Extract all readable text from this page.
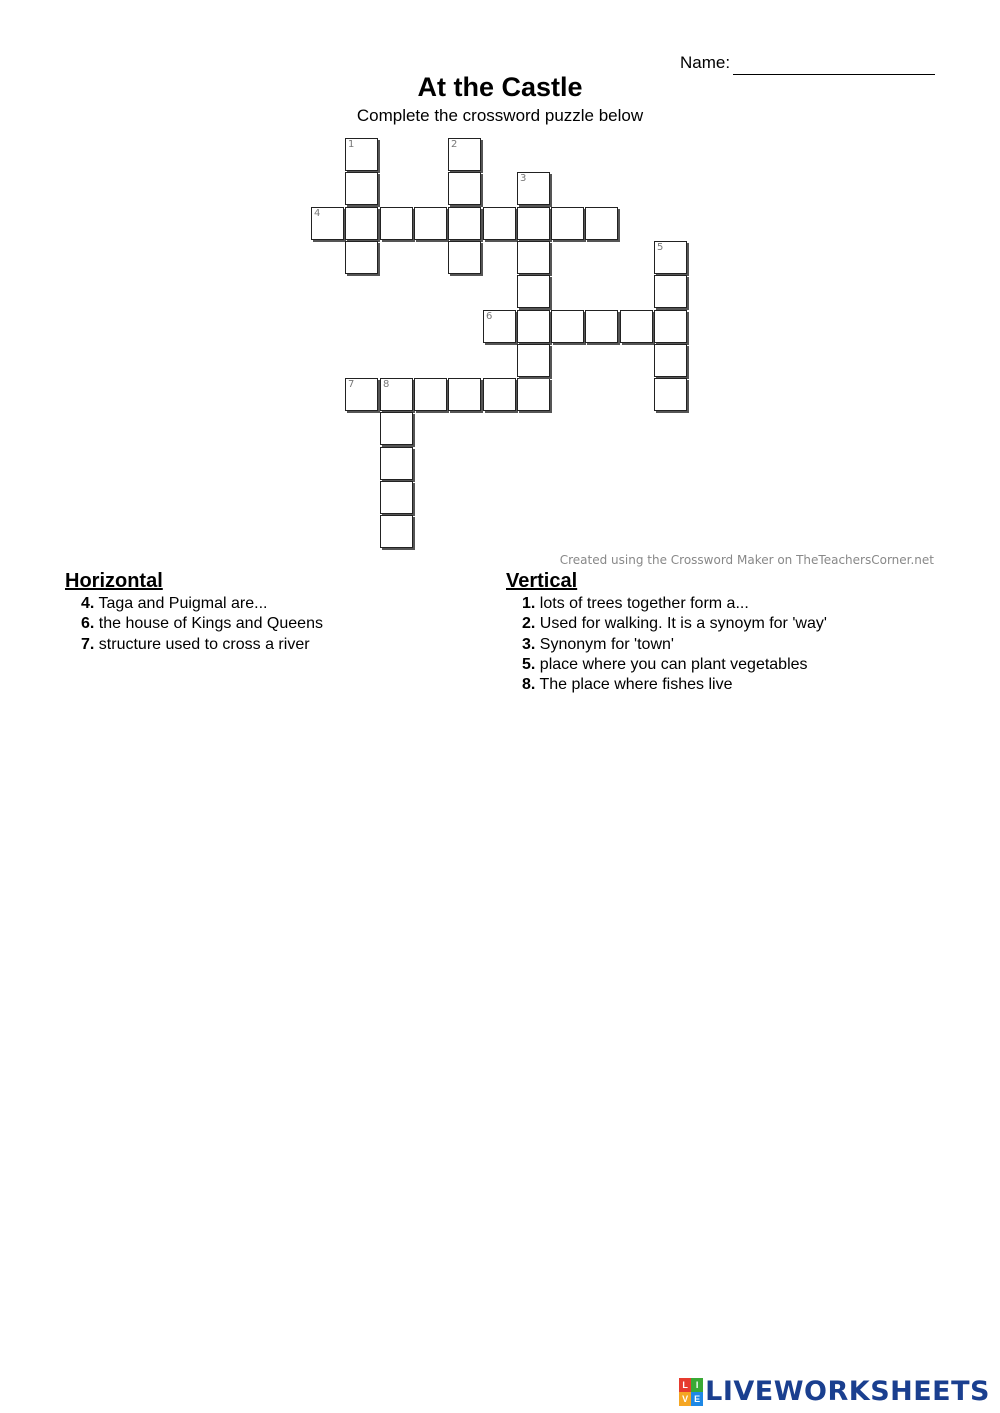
Name:
At the Castle
Complete the crossword puzzle below
4
6
7	8
1	2
3
5
Created using the Crossword Maker on TheTeachersCorner.net
Horizontal
4. Taga and Puigmal are...
6. the house of Kings and Queens
7. structure used to cross a river
Vertical
1. lots of trees together form a...
2. Used for walking. It is a synoym for 'way'
3. Synonym for 'town'
5. place where you can plant vegetables
8. The place where fishes live
L I
V E LIVEWORKSHEETS
